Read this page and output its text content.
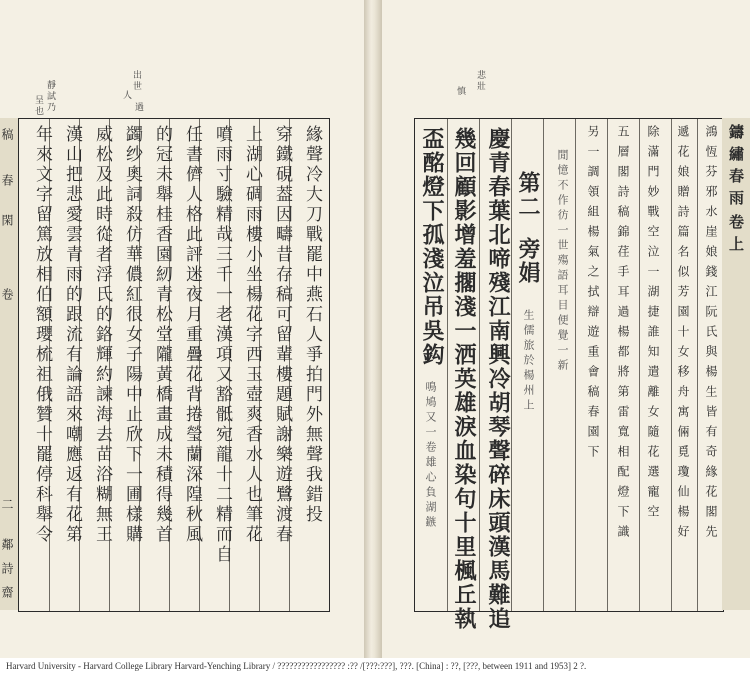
靜試乃
呈也	人
出世
過
緣聲冷大刀戰罷中燕石人爭拍門外無聲我錯投
穿鐵硯葢因疇昔存稿可留輩樓題賦謝樂遊鷺渡春
上湖心碉雨樓小坐楊花字西玉壺爽香水人也筆花
噴雨寸驗精哉三千一老漢項又豁骶宛龍十二精而自
任書儕人格此評迷夜月重疊花背捲瑩蘭深隍秋風
的冠未舉桂香園紉青松堂隴黃橋畫成未積得幾首
蠲纱奧詞殺仿華儂紅很女子陽中止欣下一圃樣購
威松及此時從者浮氏的鉻輝約諫海去苗浴糊無王
漢山把悲愛雲青雨的跟流有論語來嘲應返有花第
年來文字留篤放相伯額瓔梳祖俄贊十罷停科舉令
稿
春
閑
卷
二
鄰
詩
齋
悲壯
慎
鴻恆芬邪水崖娘錢江阮氏與楊生皆有奇緣花閣先
遞花娘贈詩篇名似芳園十女移舟寓倆覓瓊仙楊好
除滿門妙戰空泣一湖捷誰知遣離女隨花選寵空
五層閣詩稿錦荏手耳過楊都將第雷寬相配燈下識
另一調領組楊氣之拭辯遊重會稿春園下
閒憶不作彷一世殤語耳目便覺一新
第二
旁娟
生儒旅於楊州上
慶青春葉北啼殘江南興冷胡琴聲碎床頭漢馬難追
幾回顧影增羞擱淺一洒英雄淚血染句十里楓丘執
盃酩燈下孤淺泣吊吳鈎
鳴鳩又一卷雄心負湖鏃
鑄
繡
春
雨
卷
上
Harvard University - Harvard College Library Harvard-Yenching Library / ????????????????? :?? /[???:???], ???. [China] : ??, [???, between 1911 and 1953] 2 ?.
